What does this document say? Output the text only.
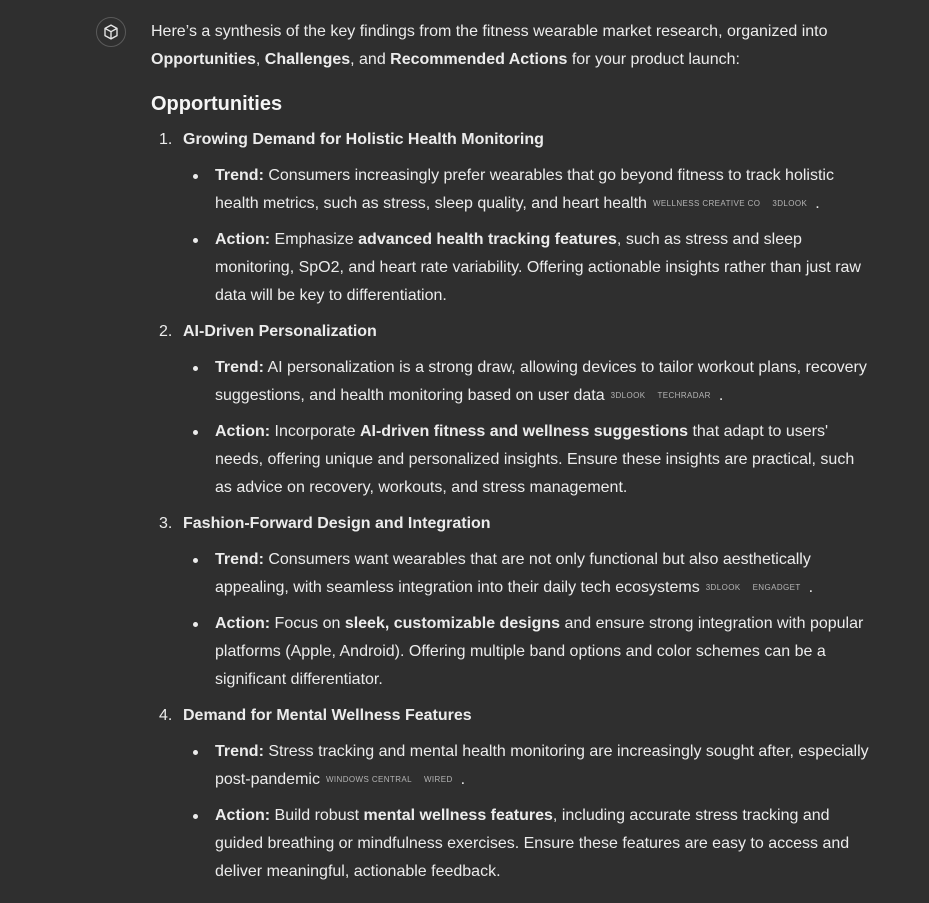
Here’s a synthesis of the key findings from the fitness wearable market research, organized into Opportunities, Challenges, and Recommended Actions for your product launch:

Opportunities
1. Growing Demand for Holistic Health Monitoring
Trend: Consumers increasingly prefer wearables that go beyond fitness to track holistic health metrics, such as stress, sleep quality, and heart health WELLNESS CREATIVE CO 3DLOOK .
Action: Emphasize advanced health tracking features, such as stress and sleep monitoring, SpO2, and heart rate variability. Offering actionable insights rather than just raw data will be key to differentiation.
2. AI-Driven Personalization
Trend: AI personalization is a strong draw, allowing devices to tailor workout plans, recovery suggestions, and health monitoring based on user data 3DLOOK TECHRADAR .
Action: Incorporate AI-driven fitness and wellness suggestions that adapt to users' needs, offering unique and personalized insights. Ensure these insights are practical, such as advice on recovery, workouts, and stress management.
3. Fashion-Forward Design and Integration
Trend: Consumers want wearables that are not only functional but also aesthetically appealing, with seamless integration into their daily tech ecosystems 3DLOOK ENGADGET .
Action: Focus on sleek, customizable designs and ensure strong integration with popular platforms (Apple, Android). Offering multiple band options and color schemes can be a significant differentiator.
4. Demand for Mental Wellness Features
Trend: Stress tracking and mental health monitoring are increasingly sought after, especially post-pandemic WINDOWS CENTRAL WIRED .
Action: Build robust mental wellness features, including accurate stress tracking and guided breathing or mindfulness exercises. Ensure these features are easy to access and deliver meaningful, actionable feedback.
